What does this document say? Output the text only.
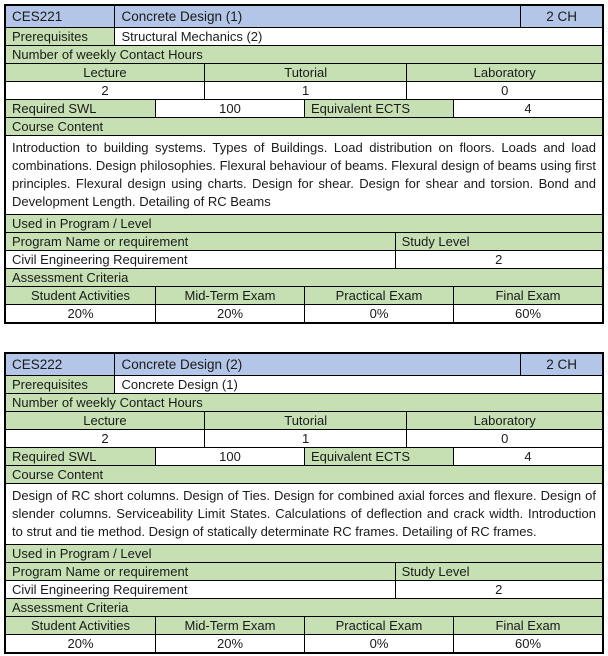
CES221	Concrete Design (1)	2 CH
Prerequisites	Structural Mechanics (2)
Number of weekly Contact Hours
Lecture	Tutorial	Laboratory
2	1	0
Required SWL	100	Equivalent ECTS	4
Course Content
Introduction to building systems. Types of Buildings. Load distribution on floors. Loads and load combinations. Design philosophies. Flexural behaviour of beams. Flexural design of beams using first principles. Flexural design using charts. Design for shear. Design for shear and torsion. Bond and Development Length. Detailing of RC Beams
Used in Program / Level
Program Name or requirement	Study Level
Civil Engineering Requirement	2
Assessment Criteria
Student Activities	Mid-Term Exam	Practical Exam	Final Exam
20%	20%	0%	60%
CES222	Concrete Design (2)	2 CH
Prerequisites	Concrete Design (1)
Number of weekly Contact Hours
Lecture	Tutorial	Laboratory
2	1	0
Required SWL	100	Equivalent ECTS	4
Course Content
Design of RC short columns. Design of Ties. Design for combined axial forces and flexure. Design of slender columns. Serviceability Limit States. Calculations of deflection and crack width. Introduction to strut and tie method. Design of statically determinate RC frames. Detailing of RC frames.
Used in Program / Level
Program Name or requirement	Study Level
Civil Engineering Requirement	2
Assessment Criteria
Student Activities	Mid-Term Exam	Practical Exam	Final Exam
20%	20%	0%	60%
